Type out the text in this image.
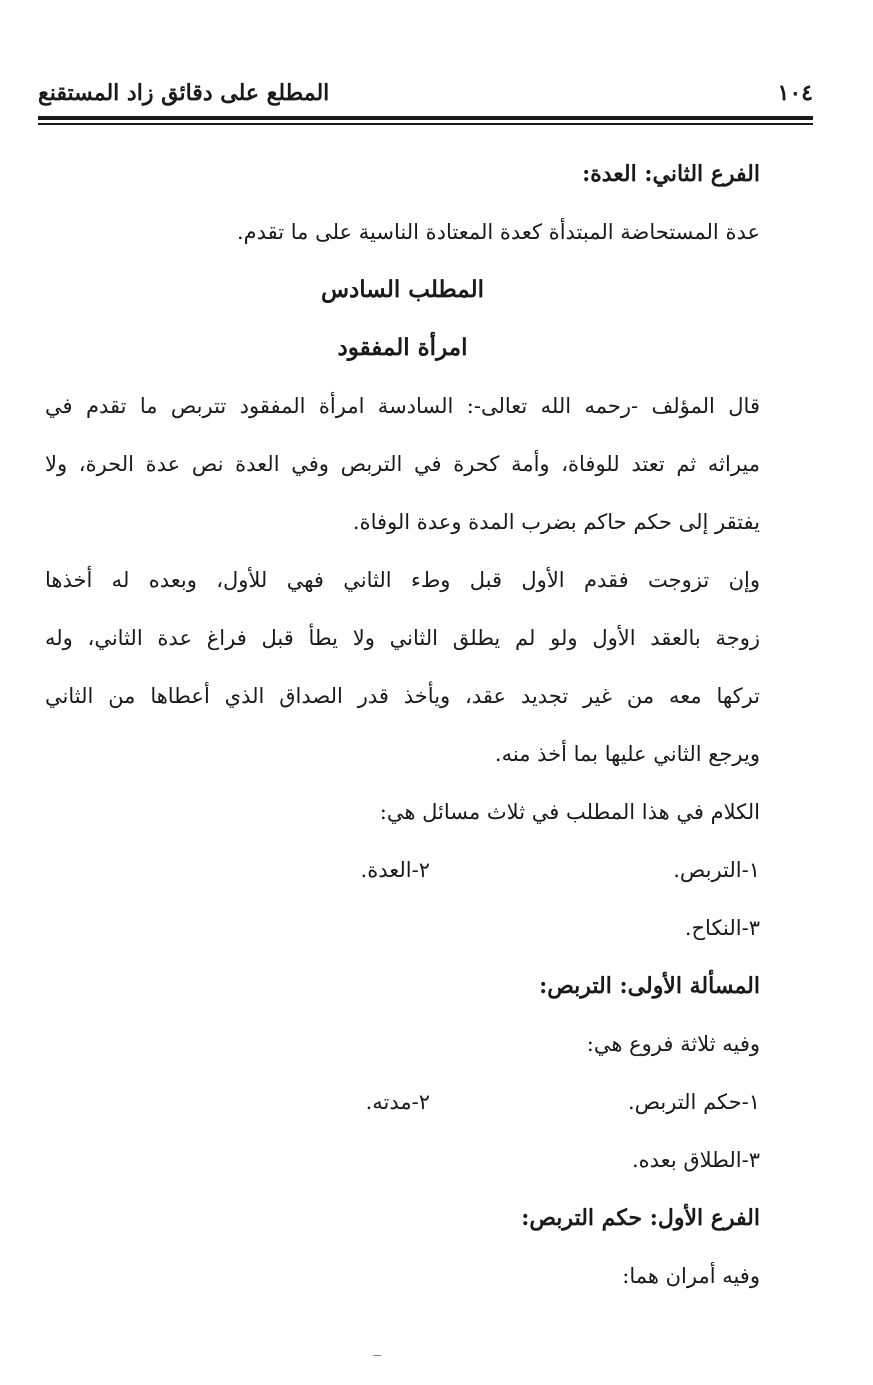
١٠٤
المطلع على دقائق زاد المستقنع
الفرع الثاني: العدة:
عدة المستحاضة المبتدأة كعدة المعتادة الناسية على ما تقدم.
المطلب السادس
امرأة المفقود
قال المؤلف -رحمه الله تعالى-: السادسة امرأة المفقود تتربص ما تقدم في
ميراثه ثم تعتد للوفاة، وأمة كحرة في التربص وفي العدة نص عدة الحرة، ولا
يفتقر إلى حكم حاكم بضرب المدة وعدة الوفاة.
وإن تزوجت فقدم الأول قبل وطء الثاني فهي للأول، وبعده له أخذها
زوجة بالعقد الأول ولو لم يطلق الثاني ولا يطأ قبل فراغ عدة الثاني، وله
تركها معه من غير تجديد عقد، ويأخذ قدر الصداق الذي أعطاها من الثاني
ويرجع الثاني عليها بما أخذ منه.
الكلام في هذا المطلب في ثلاث مسائل هي:
١-التربص.
٢-العدة.
٣-النكاح.
المسألة الأولى: التربص:
وفيه ثلاثة فروع هي:
١-حكم التربص.
٢-مدته.
٣-الطلاق بعده.
الفرع الأول: حكم التربص:
وفيه أمران هما:
